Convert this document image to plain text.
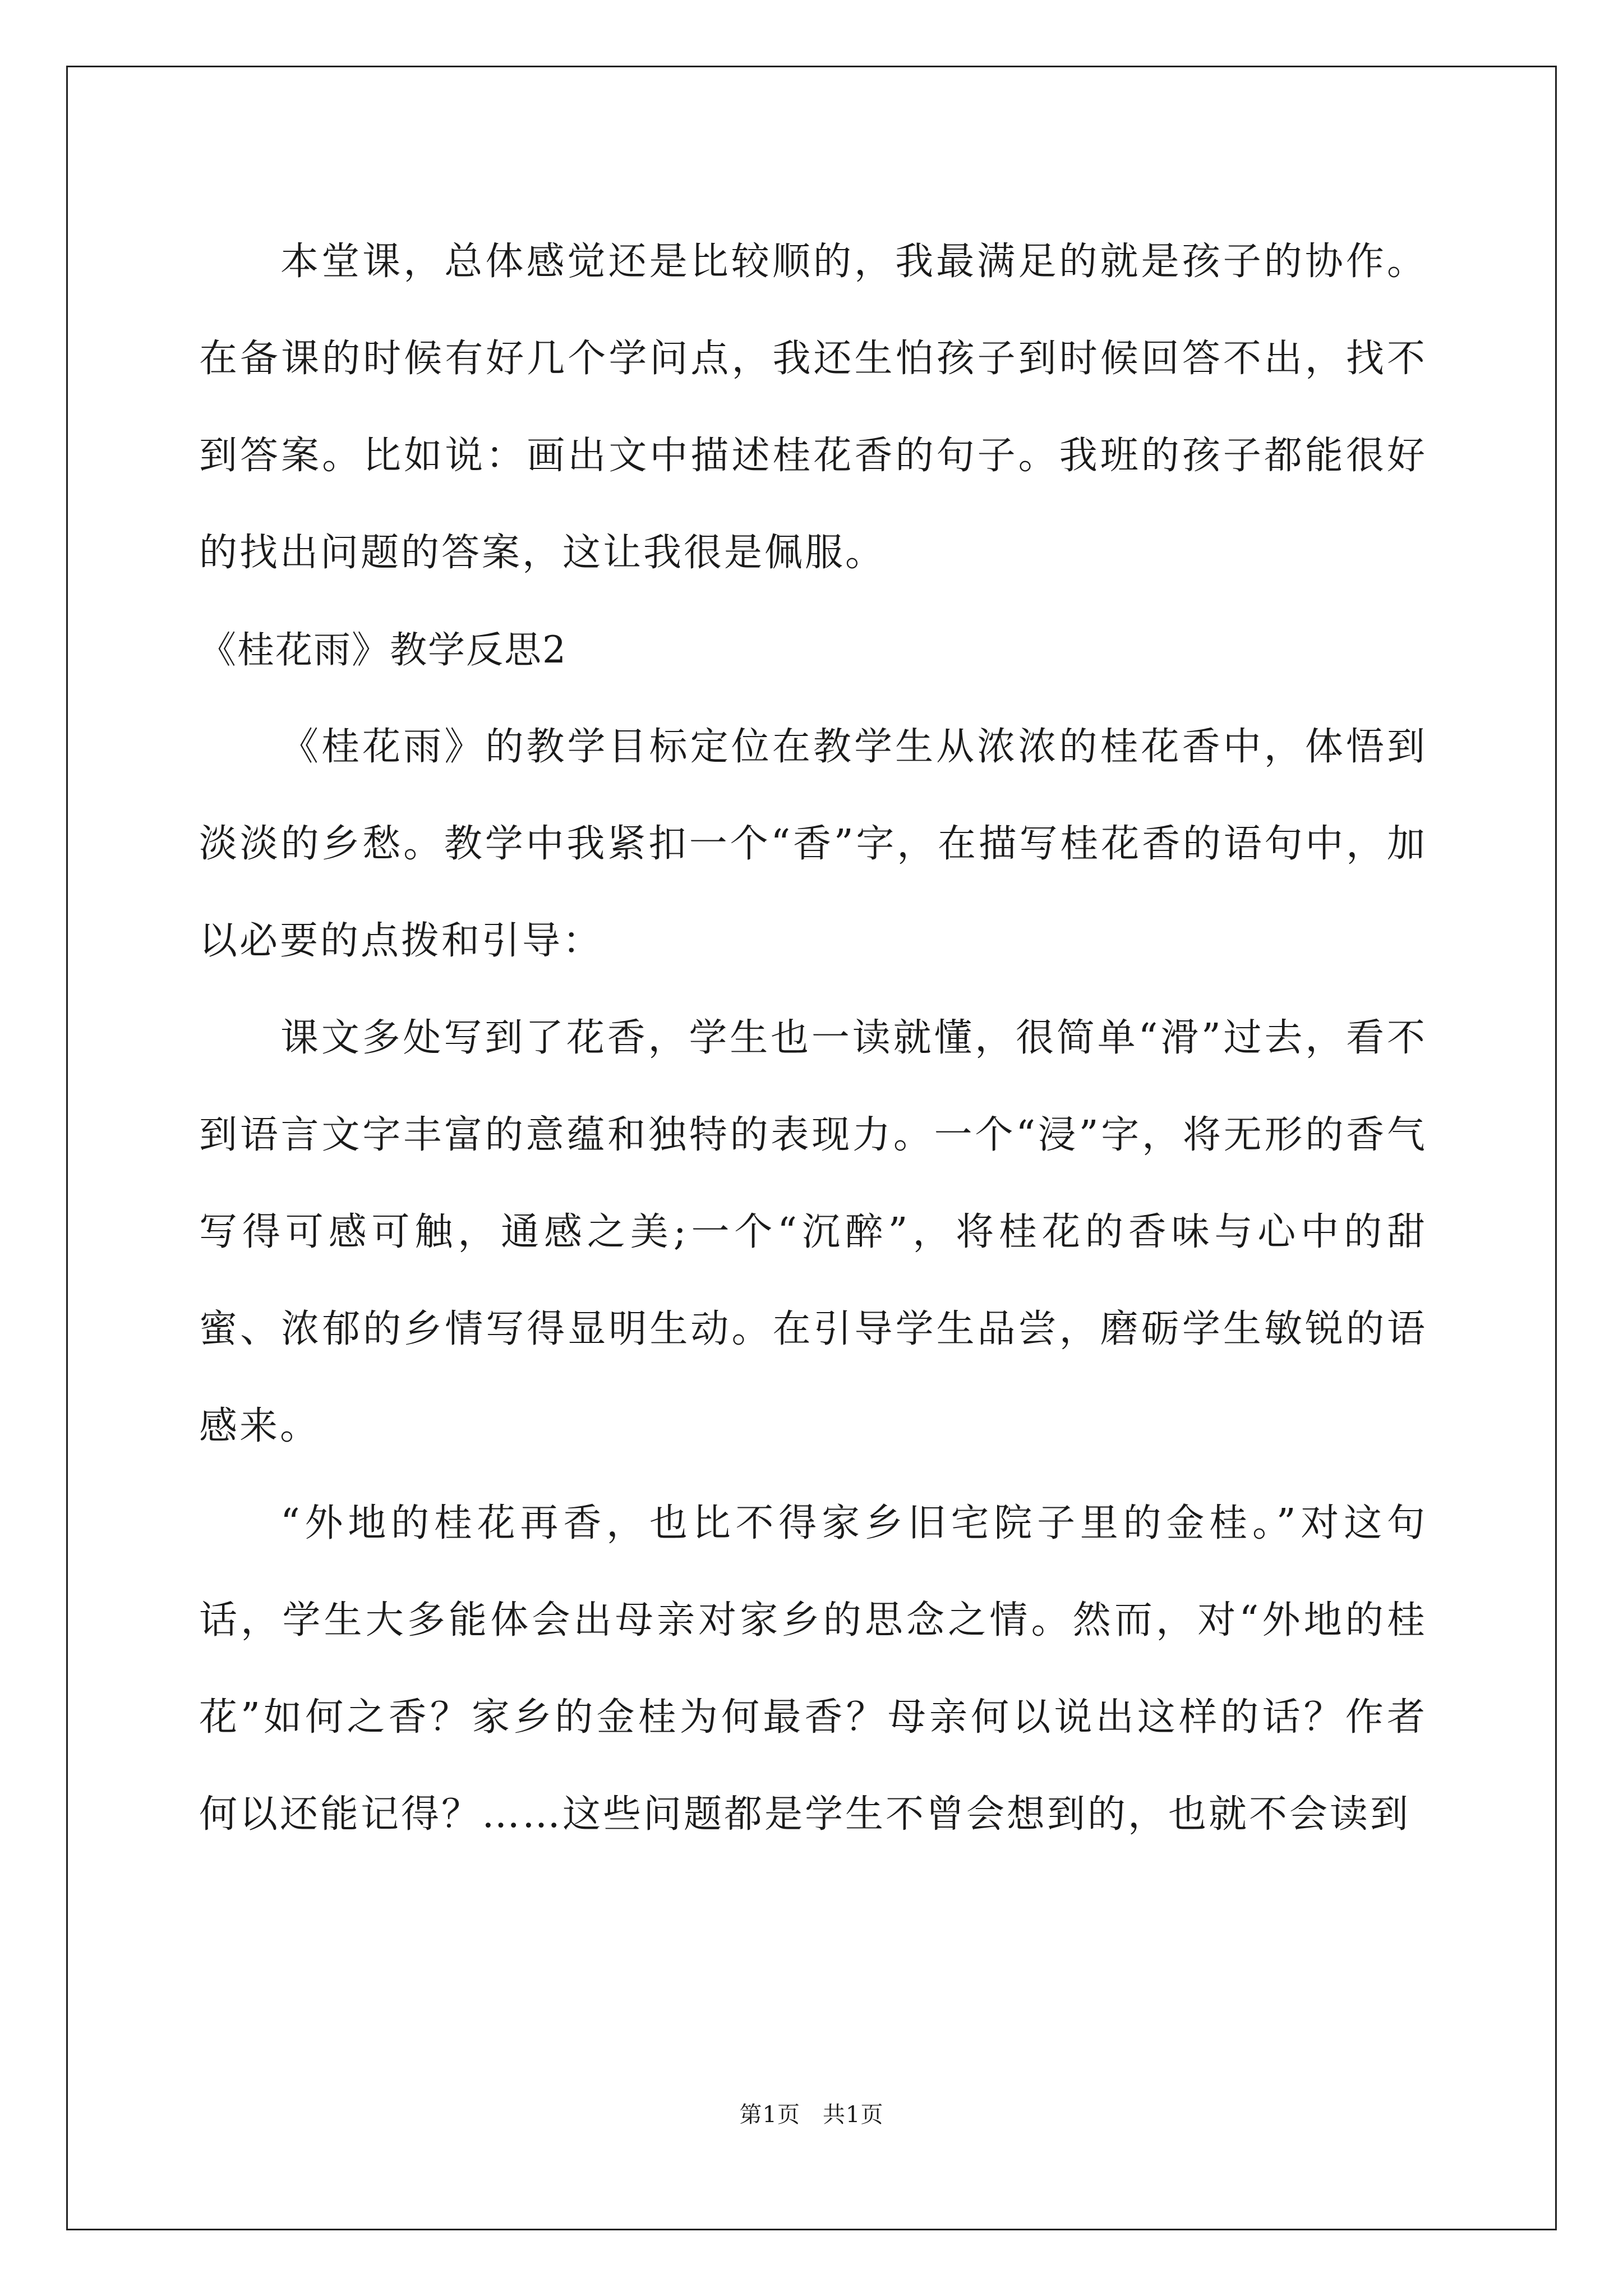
本堂课，总体感觉还是比较顺的，我最满足的就是孩子的协作。在备课的时候有好几个学问点，我还生怕孩子到时候回答不出，找不到答案。比如说：画出文中描述桂花香的句子。我班的孩子都能很好的找出问题的答案，这让我很是佩服。

《桂花雨》教学反思2

《桂花雨》的教学目标定位在教学生从浓浓的桂花香中，体悟到淡淡的乡愁。教学中我紧扣一个“香”字，在描写桂花香的语句中，加以必要的点拨和引导：

课文多处写到了花香，学生也一读就懂，很简单“滑”过去，看不到语言文字丰富的意蕴和独特的表现力。一个“浸”字，将无形的香气写得可感可触，通感之美;一个“沉醉”，将桂花的香味与心中的甜蜜、浓郁的乡情写得显明生动。在引导学生品尝，磨砺学生敏锐的语感来。

“外地的桂花再香，也比不得家乡旧宅院子里的金桂。”对这句话，学生大多能体会出母亲对家乡的思念之情。然而，对“外地的桂花”如何之香？家乡的金桂为何最香？母亲何以说出这样的话？作者何以还能记得？……这些问题都是学生不曾会想到的，也就不会读到

第1页 共1页
